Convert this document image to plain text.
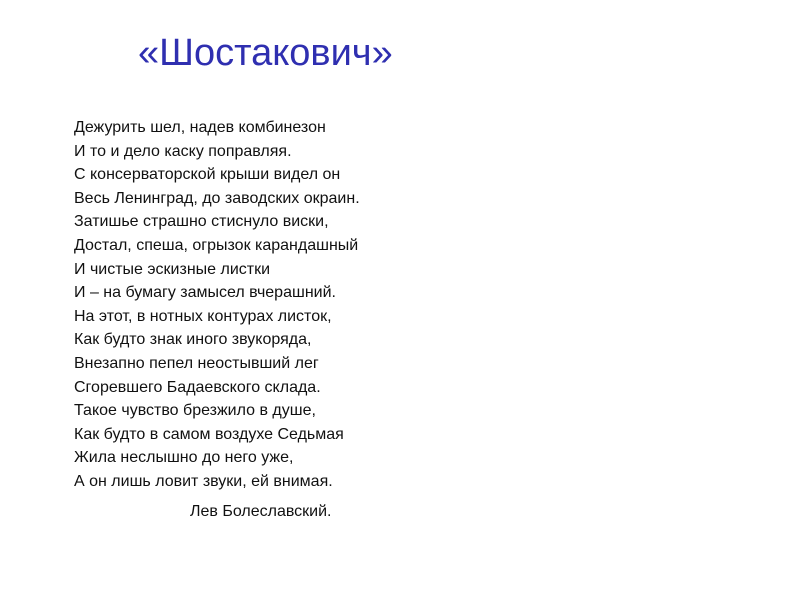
«Шостакович»
Дежурить шел, надев комбинезон
И то и дело каску поправляя.
С консерваторской крыши видел он
Весь Ленинград, до заводских окраин.
Затишье страшно стиснуло виски,
Достал, спеша, огрызок карандашный
И чистые эскизные листки
И – на бумагу замысел вчерашний.
На этот, в нотных контурах листок,
Как будто знак иного звукоряда,
Внезапно пепел неостывший лег
Сгоревшего Бадаевского склада.
Такое чувство брезжило в душе,
Как будто в самом воздухе Седьмая
Жила неслышно до него уже,
А он лишь ловит звуки, ей внимая.
Лев Болеславский.
